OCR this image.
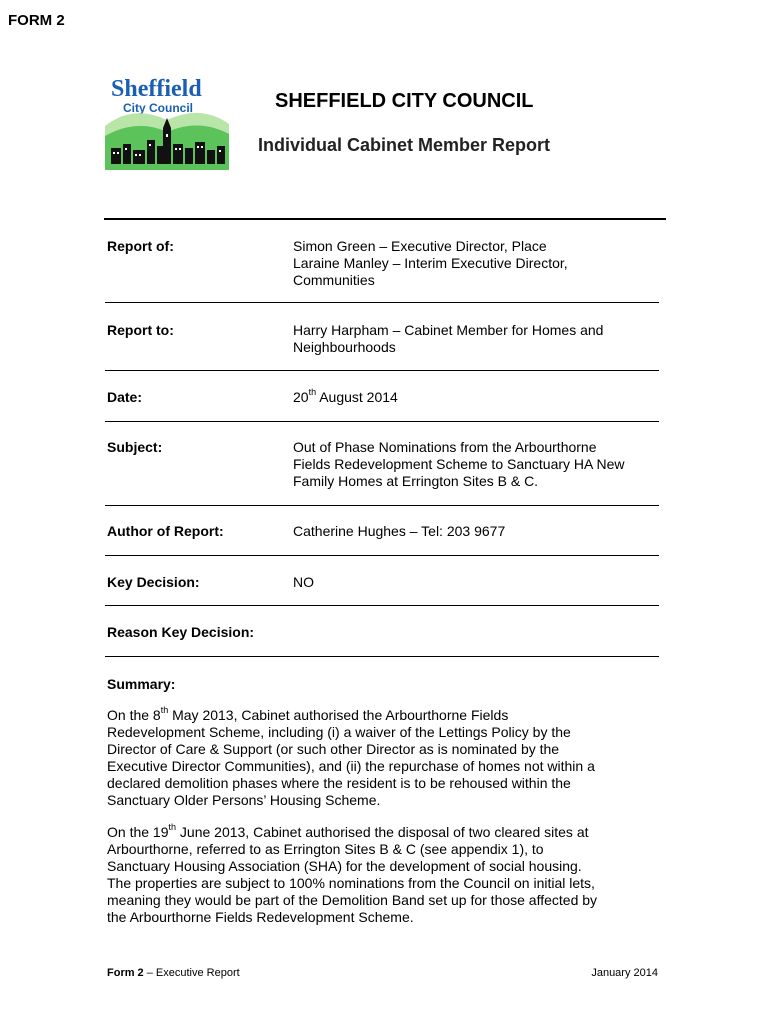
FORM 2
Sheffield
City Council	SHEFFIELD CITY COUNCIL
Individual Cabinet Member Report
Report of:	Simon Green – Executive Director, Place
Laraine Manley – Interim Executive Director,
Communities
Report to:	Harry Harpham – Cabinet Member for Homes and
Neighbourhoods
Date:	20th August 2014
Subject:	Out of Phase Nominations from the Arbourthorne
Fields Redevelopment Scheme to Sanctuary HA New
Family Homes at Errington Sites B & C.
Author of Report:	Catherine Hughes – Tel: 203 9677
Key Decision:	NO
Reason Key Decision:
Summary:
On the 8th May 2013, Cabinet authorised the Arbourthorne Fields
Redevelopment Scheme, including (i) a waiver of the Lettings Policy by the
Director of Care & Support (or such other Director as is nominated by the
Executive Director Communities), and (ii) the repurchase of homes not within a
declared demolition phases where the resident is to be rehoused within the
Sanctuary Older Persons’ Housing Scheme.
On the 19th June 2013, Cabinet authorised the disposal of two cleared sites at
Arbourthorne, referred to as Errington Sites B & C (see appendix 1), to
Sanctuary Housing Association (SHA) for the development of social housing.
The properties are subject to 100% nominations from the Council on initial lets,
meaning they would be part of the Demolition Band set up for those affected by
the Arbourthorne Fields Redevelopment Scheme.
Form 2 – Executive Report	January 2014
